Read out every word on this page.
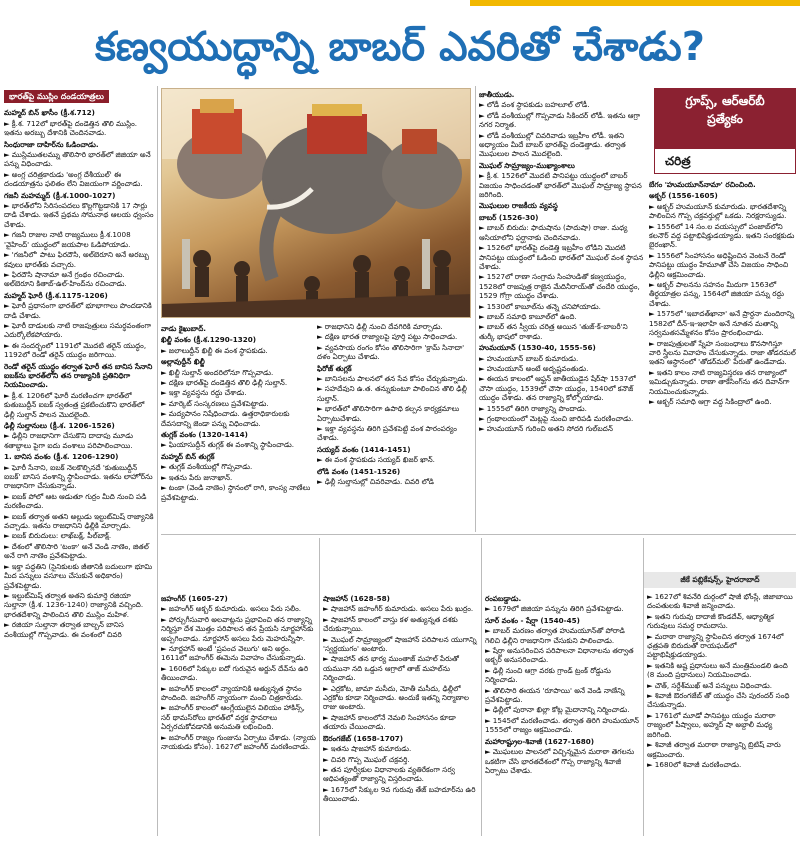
కణ్వయుద్ధాన్ని బాబర్ ఎవరితో చేశాడు?
భారత్‌పై ముస్లిం దండయాత్రలు

మహ్మద్ బిన్ ఖాసీం (క్రీ.శ.712)

► క్రీ.శ. 712లో భారత్‌పై దండెత్తిన తొలి ముస్లిం. ఇతను అరబ్బు దేశానికి చెందినవాడు.

సింధురాజా దాహిర్‌ను ఓడించాడు.

► ముస్లిముతలమ్ను తొలిసారి భారత్‌లో జిజియా అనే పన్ను విధించాడు.

► అంగ్ల చరిత్రకారుడు 'అంగ్ల దేశీయుల్' ఈ దండయాత్రను ఫలితం లేని విజయంగా వర్ణించాడు.

గజనీ మహమ్మద్ (క్రీ.శ.1000-1027)

► భారత్‌లోని సిరిసంపదలు కొల్లగొట్టడానికి 17 సార్లు దాడి చేశాడు. ఇతనే ప్రథమ సోమనాథ ఆలయ ధ్వంసం చేశాడు.

► గజనీ రాజుల నాటి రాజ్యములు క్రీ.శ.1008 'వైహింద్' యుద్ధంలో జయపాల ఓడిపోయాడు.

► 'గజనీలో' పాటు ఫిరదౌసి, అల్‌బెరూని అనే అరబ్బు కవులు భారత్‌కు వచ్చారు.

► ఫిరదౌసి షానామా అనే గ్రంథం రచించాడు. అల్‌బెరూని కితాబ్-ఉల్-హింద్‌ను రచించాడు.

మహ్మద్ ఘోరీ (క్రీ.శ.1175-1206)

► ఘోరీ ప్రధానంగా భారత్‌లో భూభాగాలు పొందడానికి దాడి చేశాడు.

► ఘోరీ దాడులకు నాటి రాజపుత్రులు సమర్థవంతంగా ఎదుర్కోలేకపోయారు.

► ఈ సందర్భంలో 1191లో మొదటి తరైన్ యుద్ధం, 1192లో రెండో తరైన్ యుద్ధం జరిగాయి.

రెండో తరైన్ యుద్ధం తర్వాత ఘోరీ తన బానిస సేనాని ఐబక్‌ను భారత్‌లోని తన రాజ్యానికి ప్రతినిధిగా నియమించాడు.

► క్రీ.శ. 1206లో ఘోరీ మరణించగా భారత్‌లో కుతుబుద్దీన్ ఐబక్ స్వతంత్ర ప్రకటించుకొని భారత్‌లో ఢిల్లీ సుల్తాన్ పాలన మొదలైంది.

ఢిల్లీ సుల్తానులు (క్రీ.శ. 1206-1526)

► ఢిల్లీని రాజధానిగా చేసుకొని దాదాపు మూడు శతాబ్దాలు పైగా ఐదు వంశాలు పరిపాలించాయి.

1. బానిస వంశం (క్రీ.శ. 1206-1290)

► ఘోరీ సేనాని, ఐబక్ నెలకొల్పినదే 'కుతుబుద్దీన్ ఐబక్' బానిస వంశాన్ని స్థాపించాడు. ఇతను లాహోర్‌ను రాజధానిగా చేసుకున్నాడు.

► ఐబక్ పోలో ఆట ఆడుతూ గుర్రం మీది నుంచి పడి మరణించాడు.

► ఐబక్ తర్వాత అతని అల్లుడు ఇల్టుట్‌మిష్ రాజ్యానికి వచ్చాడు. ఇతను రాజధానిని ఢిల్లీకి మార్చాడు.

► ఐబక్ బిరుదులు: లాఖ్‌బక్ష్, పీల్‌బాక్ష్.

► దేశంలో తొలిసారి 'టంకా' అనే వెండి నాణెం, జితల్ అనే రాగి నాణెం ప్రవేశపెట్టాడు.

► ఇక్తా పద్ధతిని (సైనికులకు జీతానికి బదులుగా భూమి మీద పన్నులు వసూలు చేసుకునే అధికారం) ప్రవేశపెట్టాడు.

► ఇల్టుట్‌మిష్ తర్వాత అతని కుమార్తె రజియా సుల్తానా (క్రీ.శ. 1236-1240) రాజ్యానికి వచ్చింది. భారతదేశాన్ని పాలించిన తొలి ముస్లిం మహిళ.

► రజియా సుల్తానా తర్వాత బాల్బన్ బానిస వంశీయుల్లో గొప్పవాడు. ఈ వంశంలో చివరి

వాడు కైఖుబాద్.

ఖిల్జీ వంశం (క్రీ.శ.1290-1320)

► జలాలుద్దీన్ ఖిల్జీ ఈ వంశ స్థాపకుడు.

అల్లావుద్దీన్ ఖిల్జీ

► ఖిల్జీ సుల్తాన్ అందరిలోనూ గొప్పవాడు.

► దక్షిణ భారత్‌పై దండెత్తిన తొలి ఢిల్లీ సుల్తాన్.

► ఇక్తా వ్యవస్థను రద్దు చేశాడు.

► మార్కెట్ సంస్కరణలు ప్రవేశపెట్టాడు.

► మద్యపానం నిషేధించాడు. ఉత్తరాధికారులకు దేవసదాన్ని జెండా పన్ను విధించాడు.

తుగ్లక్ వంశం (1320-1414)

► ఘియాసుద్దీన్ తుగ్లక్ ఈ వంశాన్ని స్థాపించాడు.

మహ్మద్ బిన్ తుగ్లక్

► తుగ్లక్ వంశీయుల్లో గొప్పవాడు.

► ఇతను పేరు జునాఖాన్.

► టంకా (వెండి నాణెం) స్థానంలో రాగి, కాంస్య నాణేలు ప్రవేశపెట్టాడు.

► రాజధానిని ఢిల్లీ నుంచి దేవగిరికి మార్చాడు.

► దక్షిణ భారత రాజ్యాలపై పూర్తి పట్టు సాధించాడు.

► వ్యవసాయ రంగం కోసం తొలిసారిగా 'క్రామ్ సినాదా' దళం ఏర్పాటు చేశాడు.

ఫిరోజ్ తుగ్లక్

► బానిసలను పాలనలో తన సేవ కోసం చేర్చుకున్నాడు.

► సహదేవుని ఉ.త. తన్నుకుంటూ పాలించిన తొలి ఢిల్లీ సుల్తాన్.

► భారత్‌లో తొలిసారిగా ఉపాధి కల్పన కార్యక్రమాలు ఏర్పాటుచేశాడు.

► ఇక్తా వ్యవస్థను తిరిగి ప్రవేశపెట్టి వంశ పారంపర్యం చేశాడు.

సయ్యద్ వంశం (1414-1451)

► ఈ వంశ స్థాపకుడు సయ్యద్ ఖిజర్ ఖాన్.

లోడి వంశం (1451-1526)

► ఢిల్లీ సుల్తానుల్లో చివరివాడు. చివరి లోడి

జాతీయుడు.

► లోడీ వంశ స్థాపకుడు బహలూల్ లోడీ.

► లోడీ వంశీయుల్లో గొప్పవాడు సికిందర్ లోడీ. ఇతను ఆగ్రా నగర నిర్మాత.

► లోడీ వంశీయుల్లో చివరివాడు ఇబ్రహీం లోడీ. ఇతని అధ్యాయం మీదే బాబర్ భారత్‌పై దండెత్తాడు. తర్వాత మొఘలుల పాలన మొదలైంది.

మొఘల్ సామ్రాజ్యం-ముఖ్యాంశాలు

► క్రీ.శ. 1526లో మొదటి పానిపట్టు యుద్ధంలో బాబర్ విజయం సాధించడంతో భారత్‌లో మొఘల్ సామ్రాజ్య స్థాపన జరిగింది.

మొఘలుల రాజకీయ వ్యవస్థ

బాబర్ (1526-30)

► బాబర్ బిరుదు: ఫాదుషాను (పాదుషా) రాజు. మధ్య ఆసియాలోని ఫర్ఘానాకు చెందినవాడు.

► 1526లో భారత్‌పై దండెత్తి ఇబ్రహీం లోడిని మొదటి పానిపట్టు యుద్ధంలో ఓడించి భారత్‌లో మొఘల్ వంశ స్థాపన చేశాడు.

► 1527లో రాణా సంగ్రామ సింహుడితో కణ్వయుద్ధం, 1528లో రాజపుత్ర రాజైన మేదినీరాయ్‌తో చందేరి యుద్ధం, 1529 గోగ్రా యుద్ధం చేశాడు.

► 1530లో కాబూల్‌ను తన్నె చనిపోయాడు.

► బాబర్ సమాధి కాబూల్‌లో ఉంది.

► బాబర్ తన స్వీయ చరిత్ర అయిన 'తుజ్-క్-బాబరీ'ని తుర్కీ భాషలో రాశాడు.

హుమయూన్ (1530-40, 1555-56)

► హుమయూన్ బాబర్ కుమారుడు.

► హుమయూన్ అంటే అదృష్టవంతుడు.

► ఈయన కాలంలో ఆఫ్ఘన్ జాతీయుడైన షేర్‌షా 1537లో చౌసా యుద్ధం, 1539లో చౌసా యుద్ధం, 1540లో కనౌజ్ యుద్ధం చేశాడు. తన రాజ్యాన్ని కోల్పోయాడు.

► 1555లో తిరిగి రాజ్యాన్ని పొందాడు.

► గ్రంథాలయంలో మెట్లపై నుంచి జారిపడి మరణించాడు.

► హుమయూన్ గురించి అతని సోదరి గుల్‌బదన్

గ్రూప్స్, ఆర్‌ఆర్‌బీ
ప్రత్యేకం
చరిత్ర

బేగం 'హుమయూన్‌నామా' రచించింది.

అక్బర్ (1556-1605)

► అక్బర్ హుమయూన్ కుమారుడు. భారతదేశాన్ని పాలించిన గొప్ప చక్రవర్తుల్లో ఒకడు. నిరక్షరాస్యుడు.

► 1556లో 14 సం.ల వయస్సులో పంజాబ్‌లోని కలనౌర్ వద్ద పట్టాభిషిక్తుడయ్యాడు. ఇతని సంరక్షకుడు బైరంఖాన్.

► 1556లో సింహాసనం అధిష్టించిన వెంటనే రెండో పానిపట్టు యుద్ధం హేమూతో చేసి విజయం సాధించి ఢిల్లీని ఆక్రమించాడు.

► అక్బర్ పాలనను సహనం మీదుగా 1563లో తీర్థయాత్రల పన్ను, 1564లో జిజియా పన్ను రద్దు చేశాడు.

► 1575లో 'ఇబాదత్‌ఖానా' అనే ప్రార్థనా మందిరాన్ని 1582లో దీన్-ఇ-ఇలాహి అనే నూతన మతాన్ని సర్వమతసమ్మేళనం కోసం ప్రారంభించాడు.

► రాజపుత్రులతో స్నేహ సంబంధాలు కొనసాగిస్తూ వారి స్త్రీలను వివాహం చేసుకున్నాడు. రాజా తోడరమల్ ఇతని ఆస్థానంలో 'తోడర్‌మల్' పేరుతో ఉండేవాడు.

► ఇతని కాలం నాటి రాజ్యవిస్తరణ తన రాజ్యాంలో ఇమిడ్చుకున్నాడు. రాణా తాకేసింగ్‌ను తన దివాన్‌గా నియమించుకున్నాడు.

► అక్బర్ సమాధి ఆగ్రా వద్ద సికింద్రాలో ఉంది.

జీకే పబ్లికేషన్స్, హైదరాబాద్

జహంగీర్ (1605-27)

► జహంగీర్ అక్బర్ కుమారుడు. అసలు పేరు సలీం.

► పోర్చుగీసువారి అలవాట్లను ప్రభావించి తన రాజ్యాన్ని నిర్మిస్తూ దేశ మొత్తం పరిపాలన తన ప్రేయసి నూర్జహాన్‌కు అప్పగించాడు. నూర్జహాన్ అసలు పేరు మెహరున్నీసా.

► నూర్జహాన్ అంటే 'ప్రపంచ వెలుగు' అని అర్థం. 1611లో జహంగీర్ ఈమెను వివాహం చేసుకున్నాడు.

► 1606లో సిక్కుల ఐదో గురువైన అర్జున్ దేవ్‌ను ఉరి తీయించాడు.

► జహంగీర్ కాలంలో న్యాయానికి అత్యున్నత స్థానం పొందింది. జహంగీర్ న్యాయంగా మంచి చిత్రకారుడు.

► జహంగీర్ కాలంలో ఆంగ్లేయులైన విలియం హాకిన్స్, సర్ థామస్‌రోలు భారత్‌లో వర్తక స్థావరాలు ఏర్పరచుకోవడానికి అనుమతి లభించింది.

► జహంగీర్ రాజ్యం గుంజును ఏర్పాటు చేశాడు. (న్యాయ నాయకుడు కోసం). 1627లో జహంగీర్ మరణించాడు.

షాజహాన్ (1628-58)

► షాజహాన్ జహంగీర్ కుమారుడు. అసలు పేరు ఖుర్రం.

► షాజహాన్ కాలంలో వాస్తు కళ అత్యున్నత దశకు చేరుకున్నాయి.

► మొఘల్ సామ్రాజ్యంలో షాజహాన్ పరిపాలన యుగాన్ని 'స్వర్ణయుగం' అంటారు.

► షాజహాన్ తన భార్య ముంతాజ్ మహల్ పేరుతో యమునా నది ఒడ్డున ఆగ్రాలో తాజ్ మహల్‌ను నిర్మించాడు.

► ఎర్రకోట, జామా మసీదు, మోతీ మసీదు, ఢిల్లీలో ఎర్రకోట కూడా నిర్మించాడు. అందుకే ఇతన్ని నిర్మాణాల రాజు అంటారు.

► షాజహాన్ కాలంలోనే నెమలి సింహాసనం కూడా తయారు చేయించాడు.

ఔరంగజేబ్ (1658-1707)

► ఇతను షాజహాన్ కుమారుడు.

► చివరి గొప్ప మొఘల్ చక్రవర్తి.

► తన పూర్వీకుల విధానాలకు వ్యతిరేకంగా సర్వ ఆధిపత్యంతో రాజ్యాన్ని విస్తరించాడు.

► 1675లో సిక్కుల 9వ గురువు తేజ్ బహదూర్‌ను ఉరి తీయించాడు.

రంపబడ్డాడు.

► 1679లో జిజియా పన్నును తిరిగి ప్రవేశపెట్టాడు.

సూర్ వంశం - షేర్షా (1540-45)

► బాబర్ మరణం తర్వాత హుమయూన్‌తో పోరాడి గెలిచి ఢిల్లీని రాజధానిగా చేసుకుని పాలించాడు.

► షేర్షా అనుసరించిన పరిపాలనా విధానాలను తర్వాత అక్బర్ అనుసరించాడు.

► ఢిల్లీ నుంచి ఆగ్రా వరకు గ్రాండ్ ట్రంక్ రోడ్డును నిర్మించాడు.

► తొలిసారి ఈయన 'రూపాయి' అనే వెండి నాణేన్ని ప్రవేశపెట్టాడు.

► ఢిల్లీలో పురానా ఖిల్లా కోట్ల మైదానాన్ని నిర్మించాడు.

► 1545లో మరణించాడు. తర్వాత తిరిగి హుమయూన్ 1555లో రాజ్యం ఆక్రమించాడు.

మహారాష్ట్రుల-శివాజీ (1627-1680)

► మొఘలుల పాలనలో విచ్ఛిన్నమైన మరాఠా తెగలను ఒకటిగా చేసి భారతదేశంలో గొప్ప రాజ్యాన్ని శివాజీ ఏర్పాటు చేశాడు.

► 1627లో శివనేరి దుర్గంలో షాజీ భోంస్లే, జిజాబాయి దంపతులకు శివాజీ జన్మించాడు.

► ఇతని గురువు దాదాజీ కొండదేవ్, ఆధ్యాత్మిక గురువులు సమర్థ రామదాసు.

► మరాఠా రాజ్యాన్ని స్థాపించిన తర్వాత 1674లో ఛత్రపతి బిరుదుతో రాయఘడ్‌లో పట్టాభిషిక్తుడయ్యాడు.

► ఇతనికి అష్ట ప్రధానులు అనే మంత్రిమండలి ఉంది (8 మంది ప్రధానులు) నియమించాడు.

► చౌత్, సర్దేశ్‌ముఖ్ అనే పన్నులు విధించాడు.

► శివాజీ ఔరంగజేబ్ తో యుద్ధం చేసి పురందర్ సంధి చేసుకున్నాడు.

► 1761లో మూడో పానిపట్టు యుద్ధం మరాఠా రాజ్యంలో పీష్వాలు, అహ్మద్ షా అబ్దాలీ మధ్య జరిగింది.

► శివాజీ తర్వాత మరాఠా రాజ్యాన్ని బ్రిటిష్ వారు ఆక్రమించారు.

► 1680లో శివాజీ మరణించాడు.
